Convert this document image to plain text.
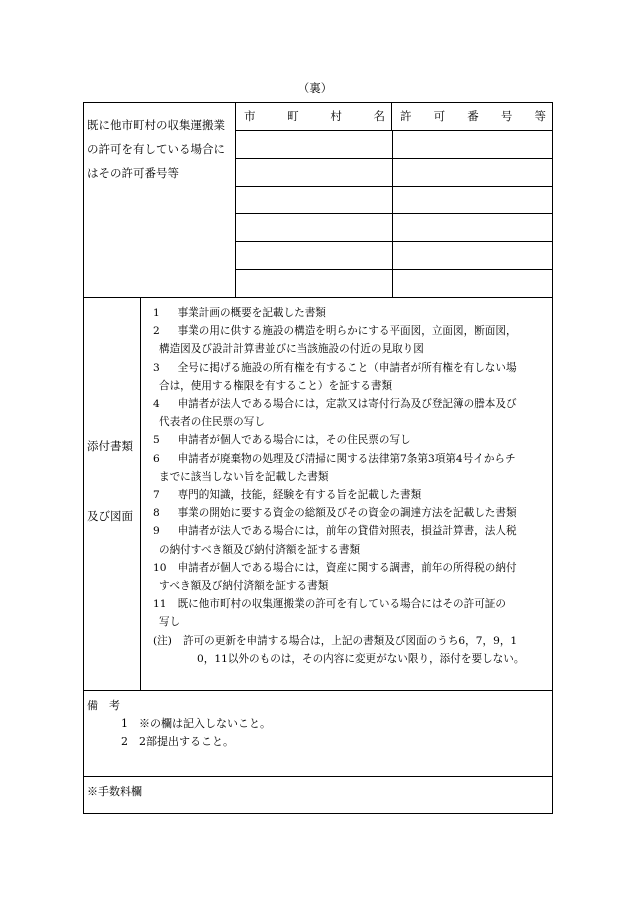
（裏）
既に他市町村の収集運搬業
の許可を有している場合に
はその許可番号等
市	町	村	名 許 可 番 号 等
添付書類
及び図面
1　 事業計画の概要を記載した書類
2　 事業の用に供する施設の構造を明らかにする平面図，立面図，断面図，
構造図及び設計計算書並びに当該施設の付近の見取り図
3　 全号に掲げる施設の所有権を有すること（申請者が所有権を有しない場
合は，使用する権限を有すること）を証する書類
4　 申請者が法人である場合には，定款又は寄付行為及び登記簿の謄本及び
代表者の住民票の写し
5　 申請者が個人である場合には，その住民票の写し
6　 申請者が廃棄物の処理及び清掃に関する法律第7条第3項第4号イからチ
までに該当しない旨を記載した書類
7　 専門的知識，技能，経験を有する旨を記載した書類
8　 事業の開始に要する資金の総額及びその資金の調達方法を記載した書類
9　 申請者が法人である場合には，前年の貸借対照表，損益計算書，法人税
の納付すべき額及び納付済額を証する書類
10　 申請者が個人である場合には，資産に関する調書，前年の所得税の納付
すべき額及び納付済額を証する書類
11　 既に他市町村の収集運搬業の許可を有している場合にはその許可証の
写し
(注)	許可の更新を申請する場合は，上記の書類及び図面のうち6，7，9，1
0，11以外のものは，その内容に変更がない限り，添付を要しない。
備　考
1　 ※の欄は記入しないこと。
2　 2部提出すること。
※手数料欄
